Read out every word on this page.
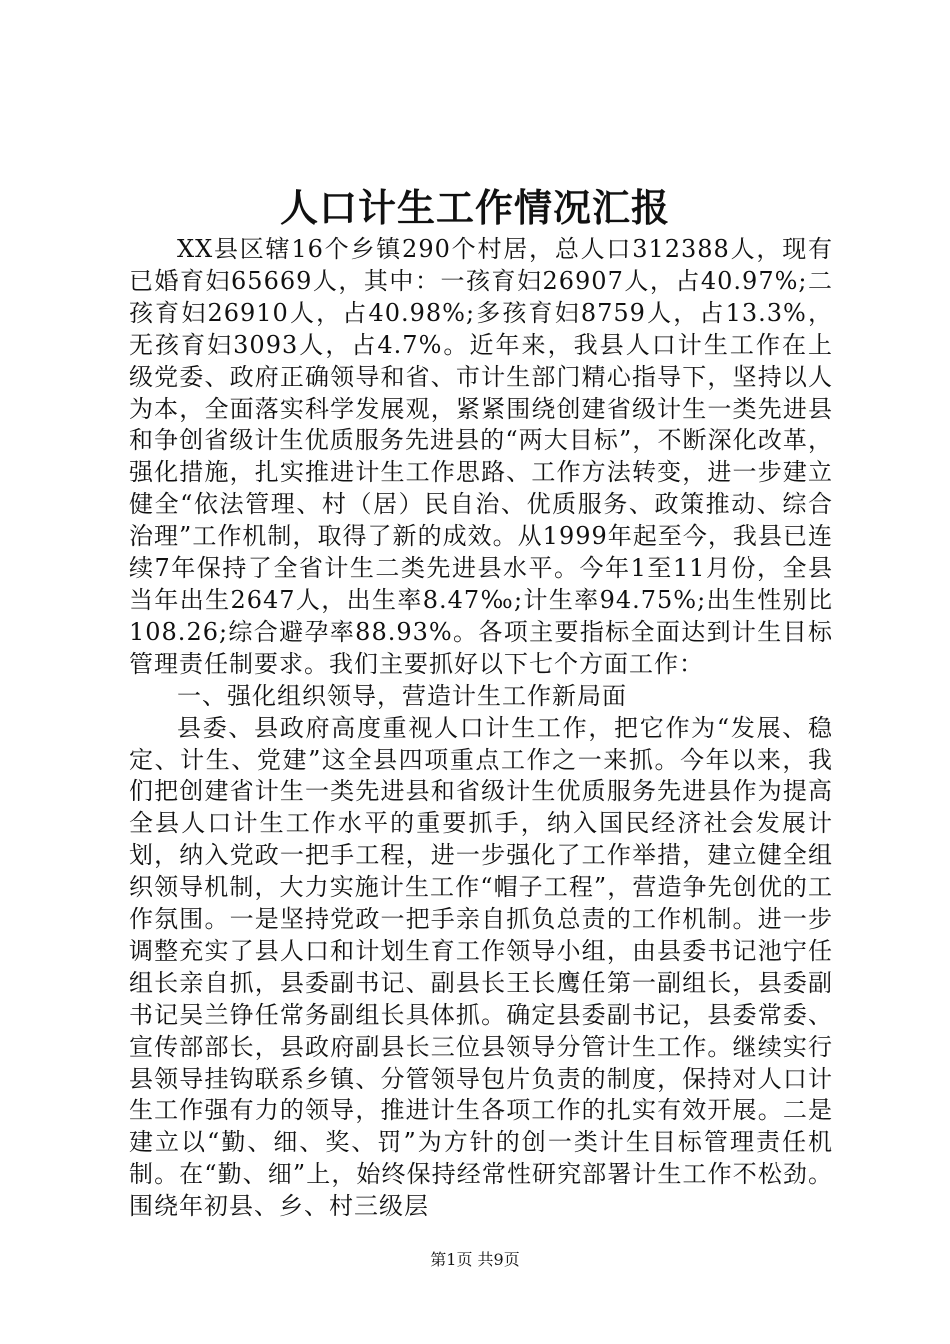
人口计生工作情况汇报

XX县区辖16个乡镇290个村居，总人口312388人，现有已婚育妇65669人，其中：一孩育妇26907人，占40.97%;二孩育妇26910人，占40.98%;多孩育妇8759人，占13.3%，无孩育妇3093人，占4.7%。近年来，我县人口计生工作在上级党委、政府正确领导和省、市计生部门精心指导下，坚持以人为本，全面落实科学发展观，紧紧围绕创建省级计生一类先进县和争创省级计生优质服务先进县的“两大目标”，不断深化改革，强化措施，扎实推进计生工作思路、工作方法转变，进一步建立健全“依法管理、村（居）民自治、优质服务、政策推动、综合治理”工作机制，取得了新的成效。从1999年起至今，我县已连续7年保持了全省计生二类先进县水平。今年1至11月份，全县当年出生2647人，出生率8.47‰;计生率94.75%;出生性别比108.26;综合避孕率88.93%。各项主要指标全面达到计生目标管理责任制要求。我们主要抓好以下七个方面工作：

一、强化组织领导，营造计生工作新局面

县委、县政府高度重视人口计生工作，把它作为“发展、稳定、计生、党建”这全县四项重点工作之一来抓。今年以来，我们把创建省计生一类先进县和省级计生优质服务先进县作为提高全县人口计生工作水平的重要抓手，纳入国民经济社会发展计划，纳入党政一把手工程，进一步强化了工作举措，建立健全组织领导机制，大力实施计生工作“帽子工程”，营造争先创优的工作氛围。一是坚持党政一把手亲自抓负总责的工作机制。进一步调整充实了县人口和计划生育工作领导小组，由县委书记池宁任组长亲自抓，县委副书记、副县长王长鹰任第一副组长，县委副书记吴兰铮任常务副组长具体抓。确定县委副书记，县委常委、宣传部部长，县政府副县长三位县领导分管计生工作。继续实行县领导挂钩联系乡镇、分管领导包片负责的制度，保持对人口计生工作强有力的领导，推进计生各项工作的扎实有效开展。二是建立以“勤、细、奖、罚”为方针的创一类计生目标管理责任机制。在“勤、细”上，始终保持经常性研究部署计生工作不松劲。围绕年初县、乡、村三级层

第1页 共9页
